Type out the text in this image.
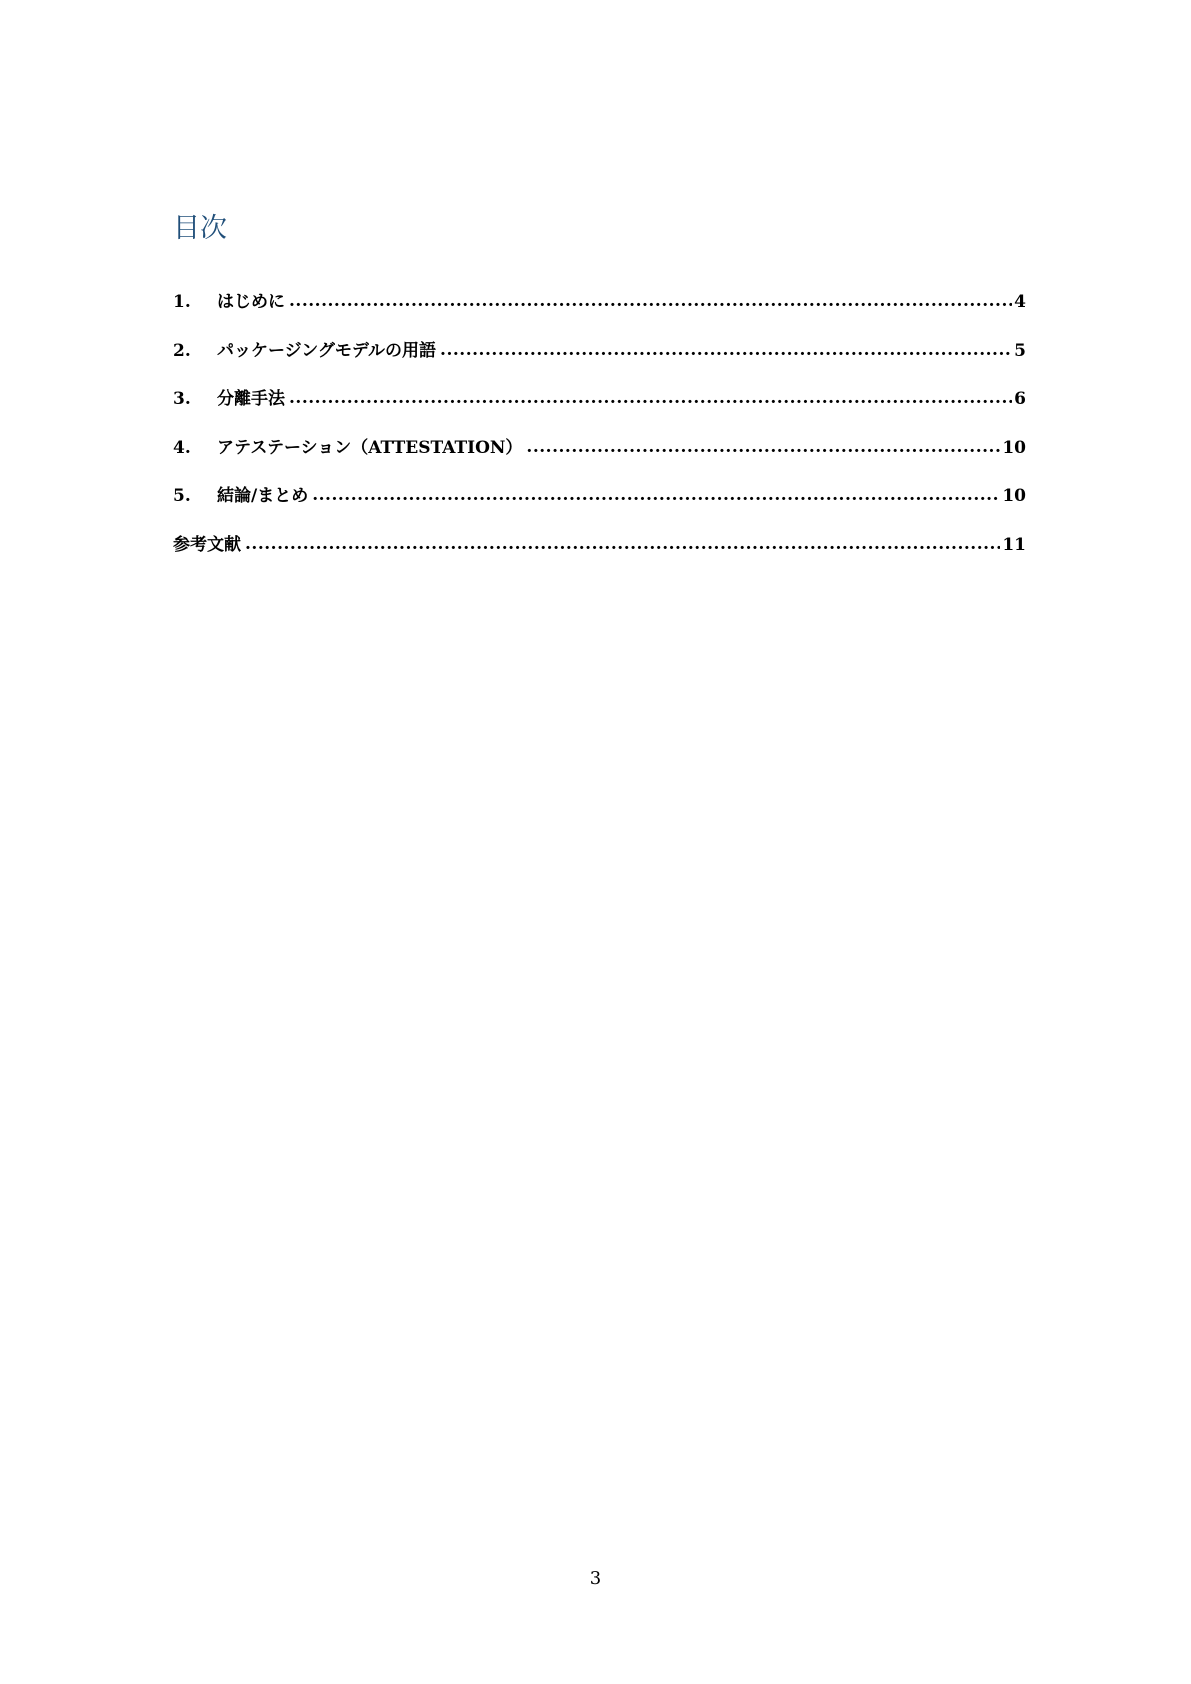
目次
1.	はじめに .....	4
2.	パッケージングモデルの用語 .....	5
3.	分離手法 .....	6
4.	アテステーション（ATTESTATION） .....	10
5.	結論/まとめ .....	10
参考文献 .....	11
3
